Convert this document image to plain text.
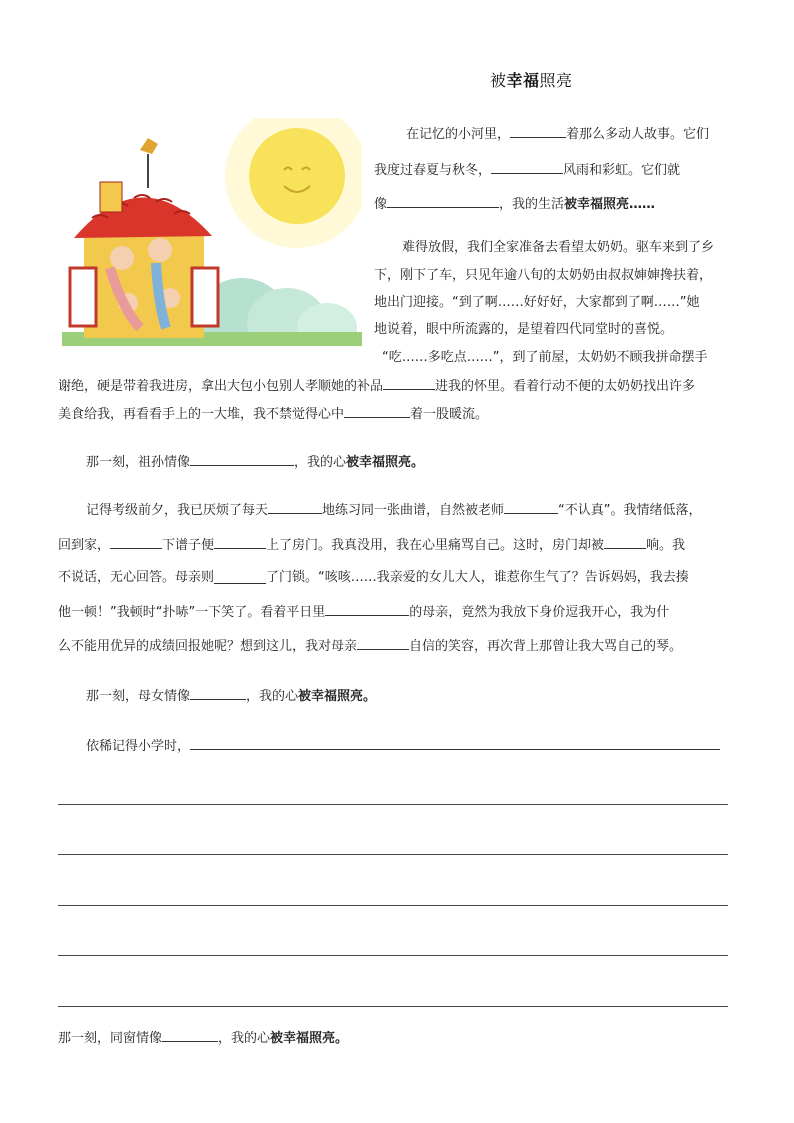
被幸福照亮
在记忆的小河里，	着那么多动人故事。它们
我度过春夏与秋冬，	风雨和彩虹。它们就
像	，我的生活被幸福照亮……
难得放假，我们全家准备去看望太奶奶。驱车来到了乡
下，刚下了车，只见年逾八旬的太奶奶由叔叔婶婶搀扶着，
地出门迎接。“到了啊……好好好，大家都到了啊……”她
地说着，眼中所流露的，是望着四代同堂时的喜悦。
“吃……多吃点……”，到了前屋，太奶奶不顾我拼命摆手
谢绝，硬是带着我进房，拿出大包小包别人孝顺她的补品	进我的怀里。看着行动不便的太奶奶找出许多
美食给我，再看看手上的一大堆，我不禁觉得心中	着一股暖流。
那一刻，祖孙情像	，我的心被幸福照亮。
记得考级前夕，我已厌烦了每天	地练习同一张曲谱，自然被老师	“不认真”。我情绪低落，
回到家，	下谱子便	上了房门。我真没用，我在心里痛骂自己。这时，房门却被	响。我
不说话，无心回答。母亲则________了门锁。“咳咳……我亲爱的女儿大人，谁惹你生气了？告诉妈妈，我去揍
他一顿！”我顿时“扑哧”一下笑了。看着平日里	的母亲，竟然为我放下身价逗我开心，我为什
么不能用优异的成绩回报她呢？想到这儿，我对母亲	自信的笑容，再次背上那曾让我大骂自己的琴。
那一刻，母女情像	，我的心被幸福照亮。
依稀记得小学时，
那一刻，同窗情像	，我的心被幸福照亮。
